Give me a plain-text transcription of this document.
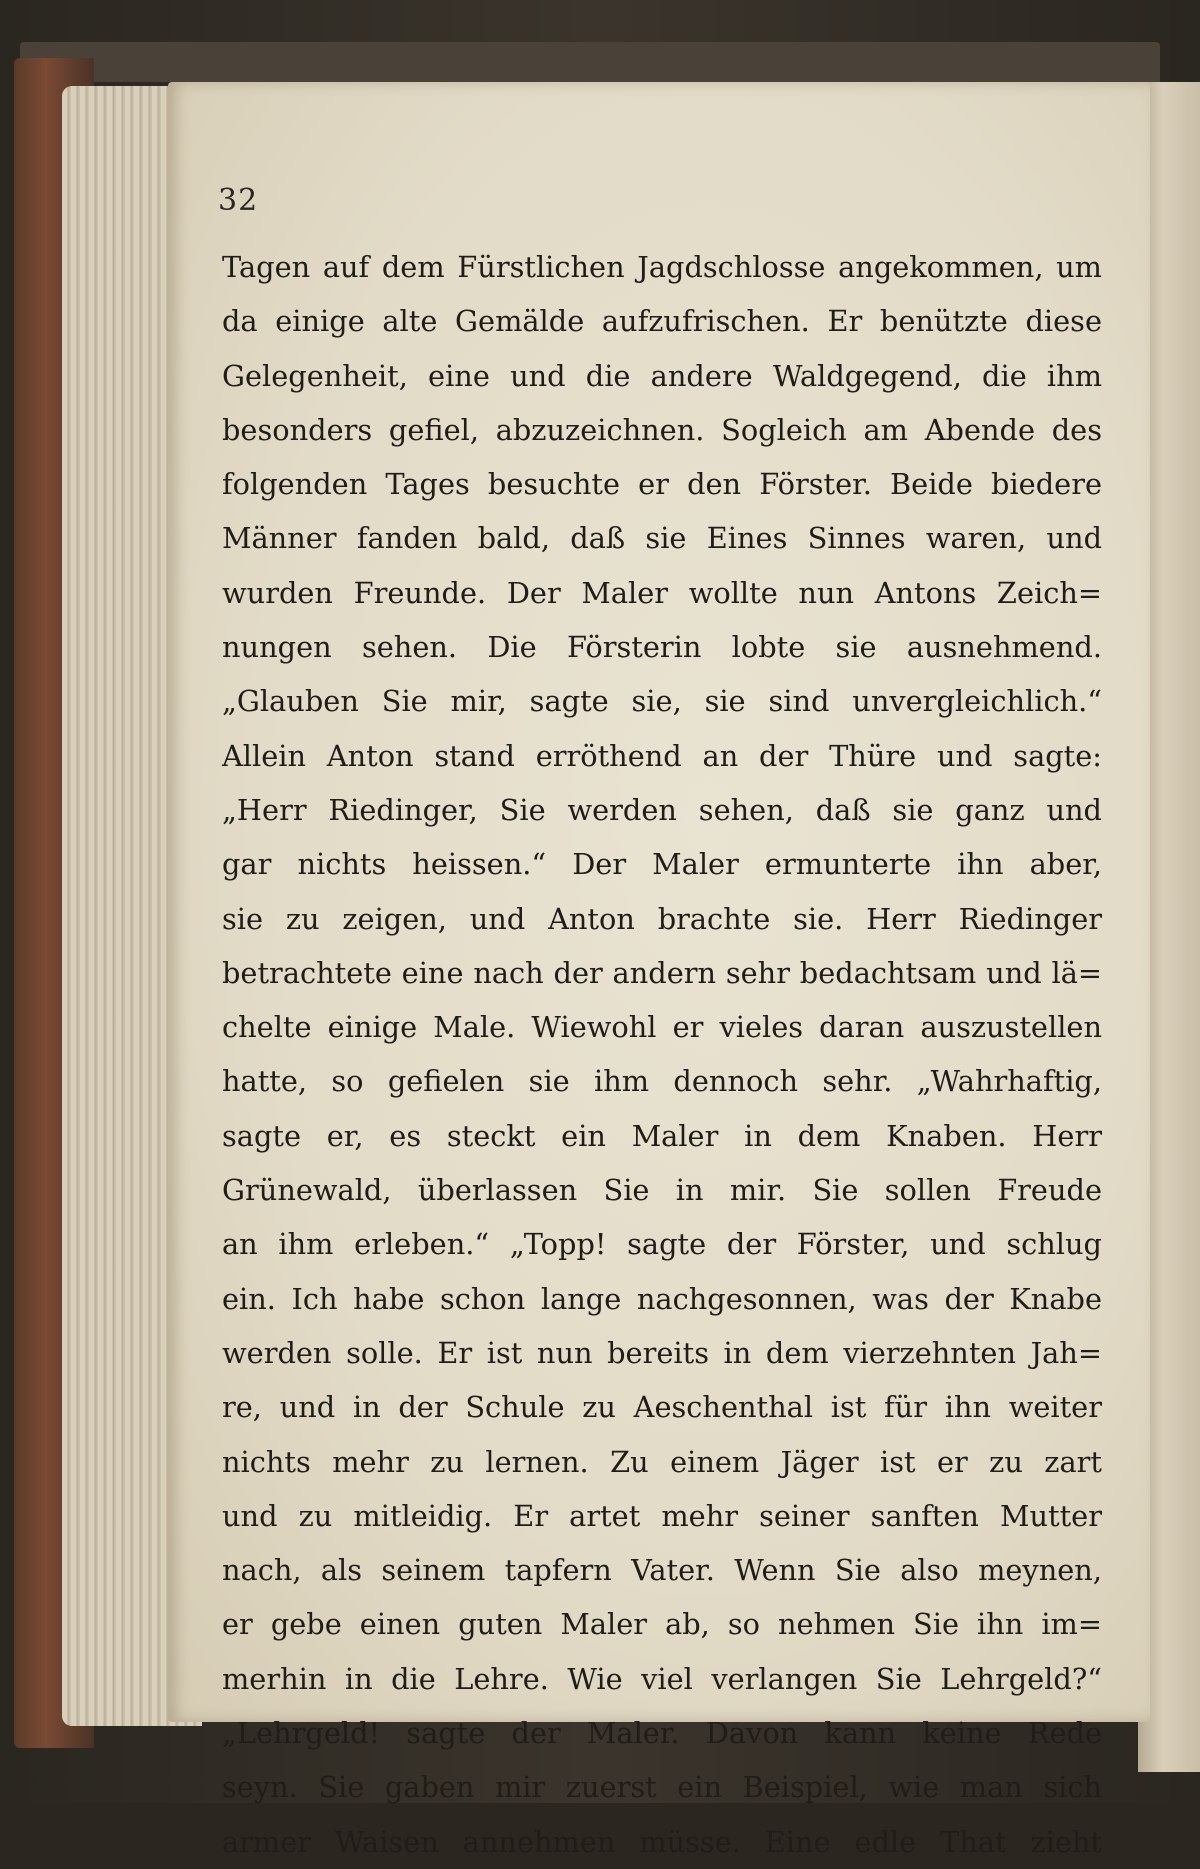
32
Tagen auf dem Fürstlichen Jagdschlosse angekommen, um
da einige alte Gemälde aufzufrischen. Er benützte diese
Gelegenheit, eine und die andere Waldgegend, die ihm
besonders gefiel, abzuzeichnen. Sogleich am Abende des
folgenden Tages besuchte er den Förster. Beide biedere
Männer fanden bald, daß sie Eines Sinnes waren, und
wurden Freunde. Der Maler wollte nun Antons Zeich=
nungen sehen. Die Försterin lobte sie ausnehmend.
„Glauben Sie mir, sagte sie, sie sind unvergleichlich.“
Allein Anton stand erröthend an der Thüre und sagte:
„Herr Riedinger, Sie werden sehen, daß sie ganz und
gar nichts heissen.“ Der Maler ermunterte ihn aber,
sie zu zeigen, und Anton brachte sie. Herr Riedinger
betrachtete eine nach der andern sehr bedachtsam und lä=
chelte einige Male. Wiewohl er vieles daran auszustellen
hatte, so gefielen sie ihm dennoch sehr. „Wahrhaftig,
sagte er, es steckt ein Maler in dem Knaben. Herr
Grünewald, überlassen Sie in mir. Sie sollen Freude
an ihm erleben.“ „Topp! sagte der Förster, und schlug
ein. Ich habe schon lange nachgesonnen, was der Knabe
werden solle. Er ist nun bereits in dem vierzehnten Jah=
re, und in der Schule zu Aeschenthal ist für ihn weiter
nichts mehr zu lernen. Zu einem Jäger ist er zu zart
und zu mitleidig. Er artet mehr seiner sanften Mutter
nach, als seinem tapfern Vater. Wenn Sie also meynen,
er gebe einen guten Maler ab, so nehmen Sie ihn im=
merhin in die Lehre. Wie viel verlangen Sie Lehrgeld?“
„Lehrgeld! sagte der Maler. Davon kann keine Rede
seyn. Sie gaben mir zuerst ein Beispiel, wie man sich
armer Waisen annehmen müsse. Eine edle That zieht
